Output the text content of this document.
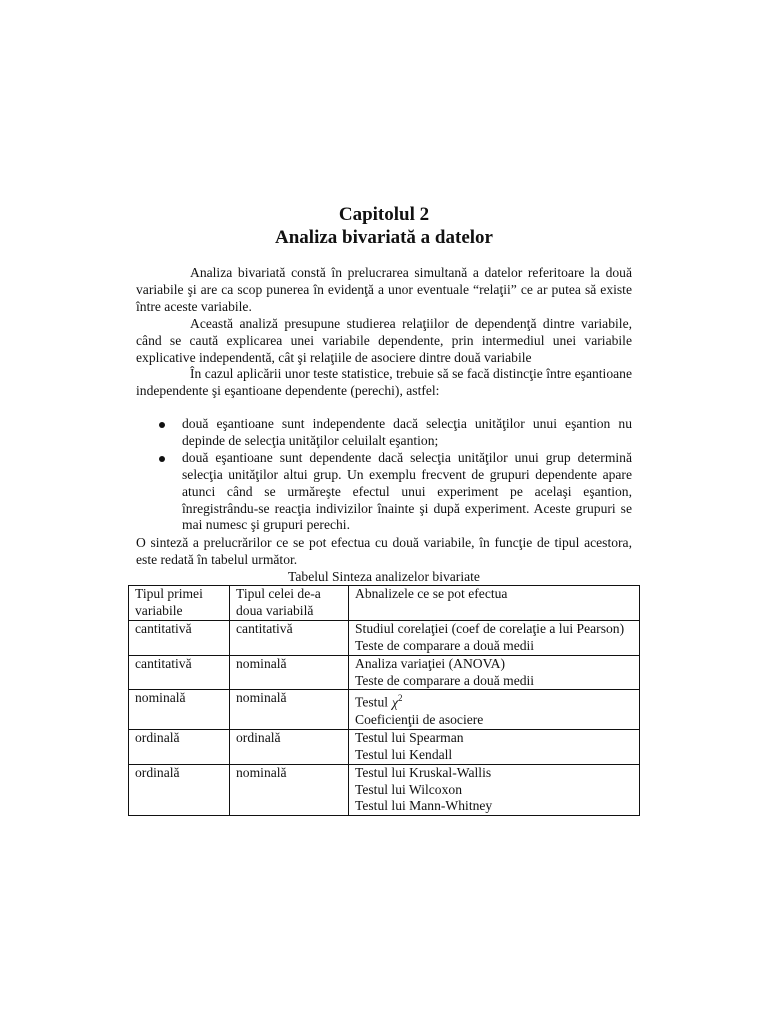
Capitolul 2
Analiza bivariată a datelor

Analiza bivariată constă în prelucrarea simultană a datelor referitoare la două variabile şi are ca scop punerea în evidenţă a unor eventuale “relaţii” ce ar putea să existe între aceste variabile.

Această analiză presupune studierea relaţiilor de dependenţă dintre variabile, când se caută explicarea unei variabile dependente, prin intermediul unei variabile explicative independentă, cât şi relaţiile de asociere dintre două variabile

În cazul aplicării unor teste statistice, trebuie să se facă distincţie între eşantioane independente şi eşantioane dependente (perechi), astfel:

două eşantioane sunt independente dacă selecţia unităţilor unui eşantion nu depinde de selecţia unităţilor celuilalt eşantion;
două eşantioane sunt dependente dacă selecţia unităţilor unui grup determină selecţia unităţilor altui grup. Un exemplu frecvent de grupuri dependente apare atunci când se urmăreşte efectul unui experiment pe acelaşi eşantion, înregistrându-se reacţia indivizilor înainte şi după experiment. Aceste grupuri se mai numesc şi grupuri perechi.

O sinteză a prelucrărilor ce se pot efectua cu două variabile, în funcţie de tipul acestora, este redată în tabelul următor.

Tabelul Sinteza analizelor bivariate
Tipul primei variabile	Tipul celei de-a doua variabilă	Abnalizele ce se pot efectua
cantitativă	cantitativă	Studiul corelaţiei (coef de corelaţie a lui Pearson)
Teste de comparare a două medii

cantitativă	nominală	Analiza variaţiei (ANOVA)
Teste de comparare a două medii

nominală	nominală	Testul $\chi^2$
Coeficienţii de asociere

ordinală	ordinală	Testul lui Spearman
Testul lui Kendall

ordinală	nominală	Testul lui Kruskal-Wallis
Testul lui Wilcoxon
Testul lui Mann-Whitney
